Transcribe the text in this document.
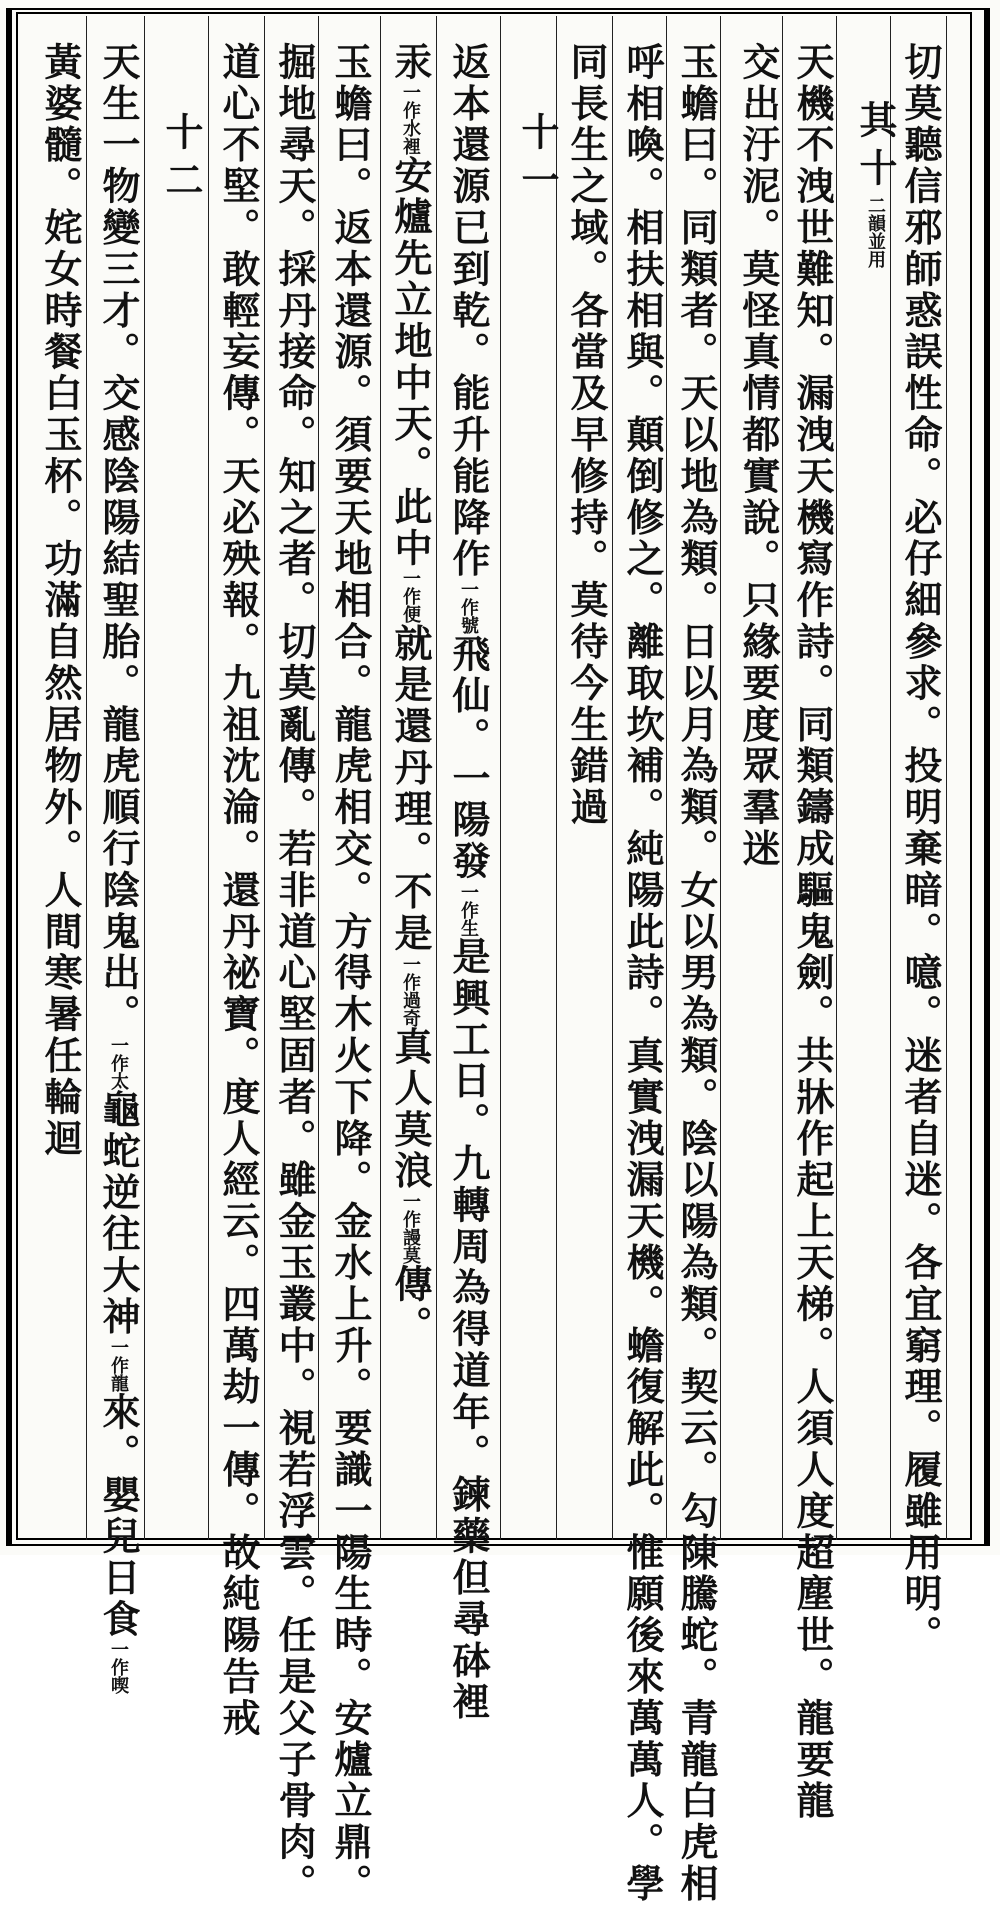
切莫聽信邪師惑誤性命。必仔細參求。投明棄暗。噫。迷者自迷。各宜窮理。履雖用明。
其十二韻並用
天機不洩世難知。漏洩天機寫作詩。同類鑄成驅鬼劍。共牀作起上天梯。人須人度超塵世。龍要龍
交出汙泥。莫怪真情都實說。只緣要度眾羣迷
玉蟾曰。同類者。天以地為類。日以月為類。女以男為類。陰以陽為類。契云。勾陳騰蛇。青龍白虎相
呼相喚。相扶相與。顛倒修之。離取坎補。純陽此詩。真實洩漏天機。蟾復解此。惟願後來萬萬人。學
同長生之域。各當及早修持。莫待今生錯過
十一
返本還源已到乾。能升能降作一作號飛仙。一陽發一作生是興工日。九轉周為得道年。鍊藥但尋砵裡
汞一作水裡安爐先立地中天。此中一作便就是還丹理。不是一作過奇真人莫浪一作謾莫傳。
玉蟾曰。返本還源。須要天地相合。龍虎相交。方得木火下降。金水上升。要識一陽生時。安爐立鼎。
掘地尋天。採丹接命。知之者。切莫亂傳。若非道心堅固者。雖金玉叢中。視若浮雲。任是父子骨肉。
道心不堅。敢輕妄傳。天必殃報。九祖沈淪。還丹祕寶。度人經云。四萬劫一傳。故純陽告戒
十二
天生一物變三才。交感陰陽結聖胎。龍虎順行陰鬼出。一作太龜蛇逆往大神一作龍來。嬰兒日食一作喫
黃婆髓。姹女時餐白玉杯。功滿自然居物外。人間寒暑任輪迴
